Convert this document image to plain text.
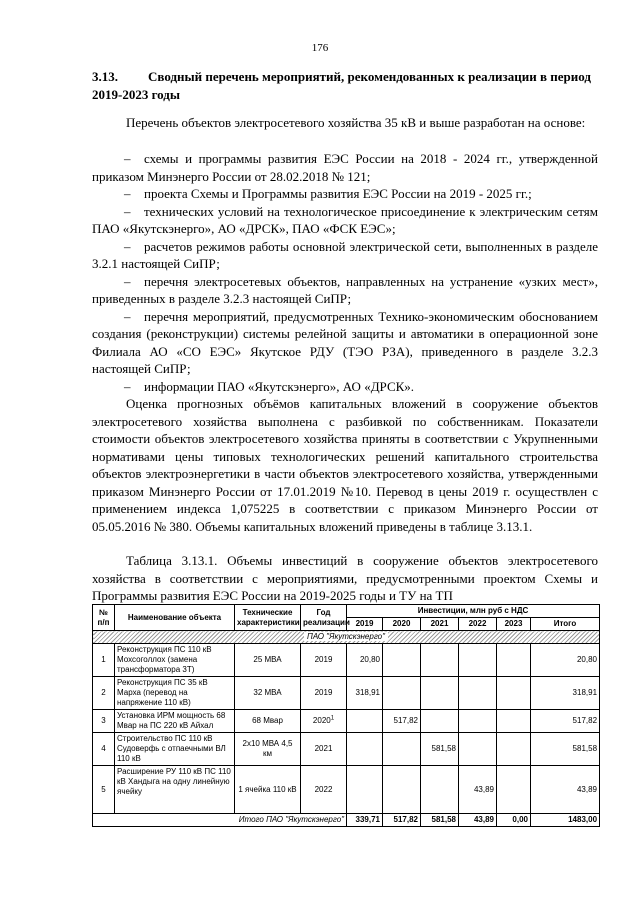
176
3.13. Сводный перечень мероприятий, рекомендованных к реализации в период 2019-2023 годы

Перечень объектов электросетевого хозяйства 35 кВ и выше разработан на основе:

– схемы и программы развития ЕЭС России на 2018 - 2024 гг., утвержденной приказом Минэнерго России от 28.02.2018 № 121;
– проекта Схемы и Программы развития ЕЭС России на 2019 - 2025 гг.;
– технических условий на технологическое присоединение к электрическим сетям ПАО «Якутскэнерго», АО «ДРСК», ПАО «ФСК ЕЭС»;
– расчетов режимов работы основной электрической сети, выполненных в разделе 3.2.1 настоящей СиПР;
– перечня электросетевых объектов, направленных на устранение «узких мест», приведенных в разделе 3.2.3 настоящей СиПР;
– перечня мероприятий, предусмотренных Технико-экономическим обоснованием создания (реконструкции) системы релейной защиты и автоматики в операционной зоне Филиала АО «СО ЕЭС» Якутское РДУ (ТЭО РЗА), приведенного в разделе 3.2.3 настоящей СиПР;
– информации ПАО «Якутскэнерго», АО «ДРСК».

Оценка прогнозных объёмов капитальных вложений в сооружение объектов электросетевого хозяйства выполнена с разбивкой по собственникам. Показатели стоимости объектов электросетевого хозяйства приняты в соответствии с Укрупненными нормативами цены типовых технологических решений капитального строительства объектов электроэнергетики в части объектов электросетевого хозяйства, утвержденными приказом Минэнерго России от 17.01.2019 №10. Перевод в цены 2019 г. осуществлен с применением индекса 1,075225 в соответствии с приказом Минэнерго России от 05.05.2016 № 380. Объемы капитальных вложений приведены в таблице 3.13.1.

Таблица 3.13.1. Объемы инвестиций в сооружение объектов электросетевого хозяйства в соответствии с мероприятиями, предусмотренными проектом Схемы и Программы развития ЕЭС России на 2019-2025 годы и ТУ на ТП

№ п/п	Наименование объекта	Технические характеристики	Год реализации	Инвестиции, млн руб с НДС					
				2019	2020	2021	2022	2023	Итого
ПАО "Якутскэнерго"									
1	Реконструкция ПС 110 кВ Мохсоголлох (замена трансформатора 3Т)	25 МВА	2019	20,80					20,80
2	Реконструкция ПС 35 кВ Марха (перевод на напряжение 110 кВ)	32 МВА	2019	318,91					318,91
3	Установка ИРМ мощность 68 Мвар на ПС 220 кВ Айхал	68 Мвар	2020$^1$		517,82				517,82
4	Строительство ПС 110 кВ Судоверфь с отпаечными ВЛ 110 кВ	2х10 МВА 4,5 км	2021			581,58			581,58
5	Расширение РУ 110 кВ ПС 110 кВ Хандыга на одну линейную ячейку	1 ячейка 110 кВ	2022				43,89		43,89
Итого ПАО "Якутскэнерго"				339,71	517,82	581,58	43,89	0,00	1483,00
